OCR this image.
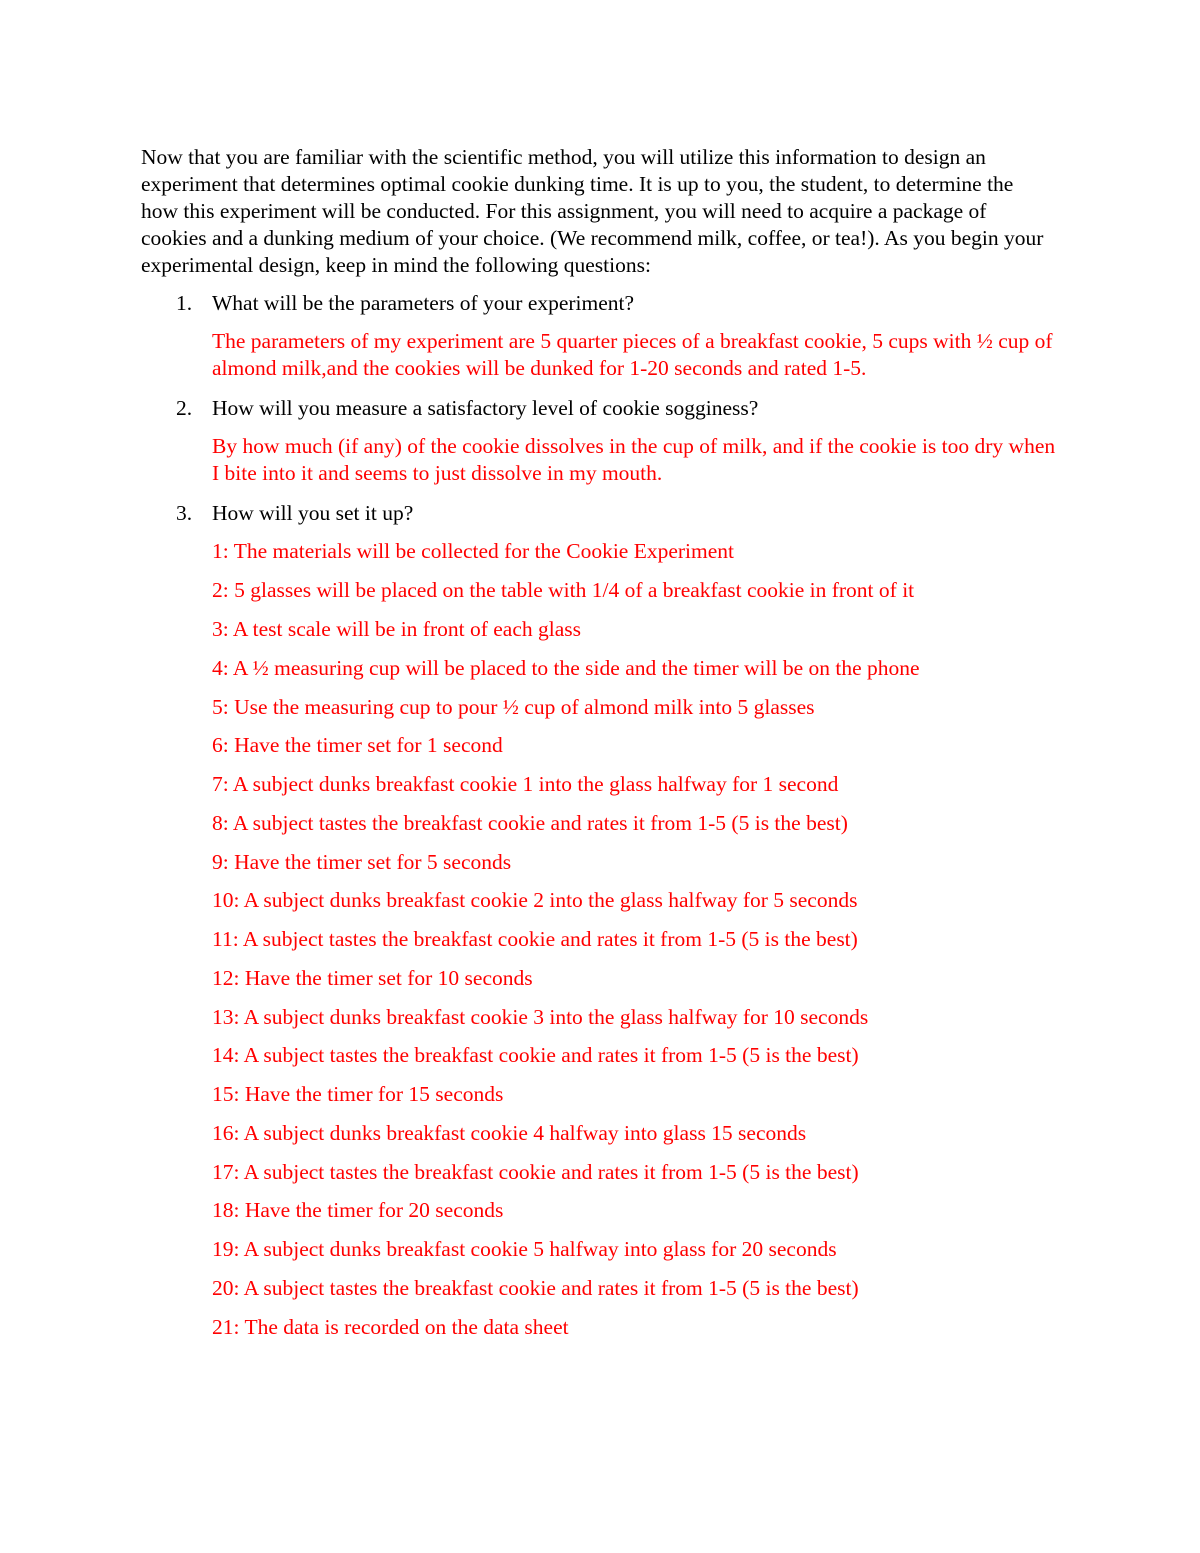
Now that you are familiar with the scientific method, you will utilize this information to design an experiment that determines optimal cookie dunking time. It is up to you, the student, to determine the how this experiment will be conducted. For this assignment, you will need to acquire a package of cookies and a dunking medium of your choice. (We recommend milk, coffee, or tea!). As you begin your experimental design, keep in mind the following questions:

1. What will be the parameters of your experiment?

The parameters of my experiment are 5 quarter pieces of a breakfast cookie, 5 cups with ½ cup of almond milk,and the cookies will be dunked for 1-20 seconds and rated 1-5.

2. How will you measure a satisfactory level of cookie sogginess?

By how much (if any) of the cookie dissolves in the cup of milk, and if the cookie is too dry when I bite into it and seems to just dissolve in my mouth.

3. How will you set it up?

1: The materials will be collected for the Cookie Experiment

2: 5 glasses will be placed on the table with 1/4 of a breakfast cookie in front of it

3: A test scale will be in front of each glass

4: A ½ measuring cup will be placed to the side and the timer will be on the phone

5: Use the measuring cup to pour ½ cup of almond milk into 5 glasses

6: Have the timer set for 1 second

7: A subject dunks breakfast cookie 1 into the glass halfway for 1 second

8: A subject tastes the breakfast cookie and rates it from 1-5 (5 is the best)

9: Have the timer set for 5 seconds

10: A subject dunks breakfast cookie 2 into the glass halfway for 5 seconds

11: A subject tastes the breakfast cookie and rates it from 1-5 (5 is the best)

12: Have the timer set for 10 seconds

13: A subject dunks breakfast cookie 3 into the glass halfway for 10 seconds

14: A subject tastes the breakfast cookie and rates it from 1-5 (5 is the best)

15: Have the timer for 15 seconds

16: A subject dunks breakfast cookie 4 halfway into glass 15 seconds

17: A subject tastes the breakfast cookie and rates it from 1-5 (5 is the best)

18: Have the timer for 20 seconds

19: A subject dunks breakfast cookie 5 halfway into glass for 20 seconds

20: A subject tastes the breakfast cookie and rates it from 1-5 (5 is the best)

21: The data is recorded on the data sheet
